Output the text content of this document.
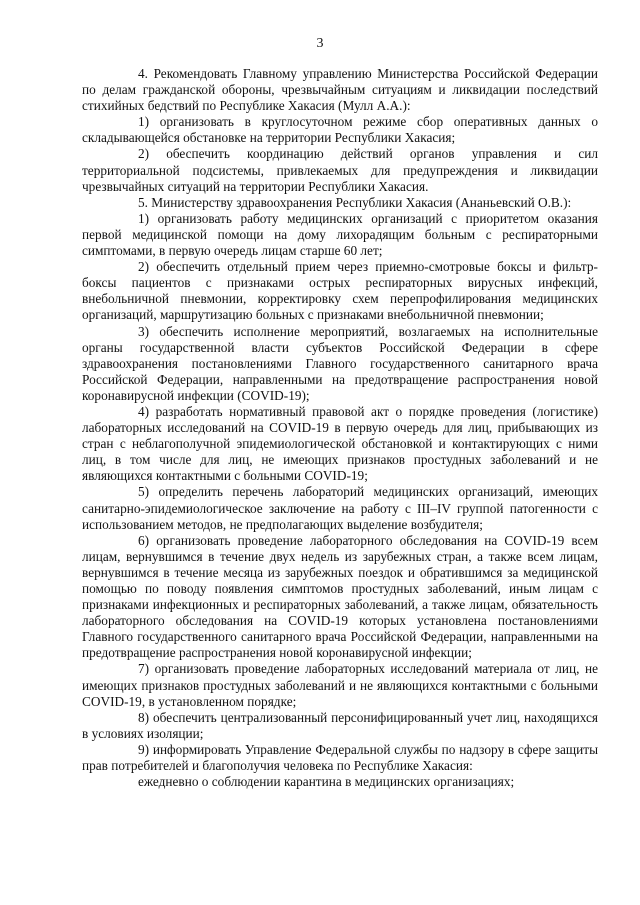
3

4. Рекомендовать Главному управлению Министерства Российской Федерации по делам гражданской обороны, чрезвычайным ситуациям и ликвидации последствий стихийных бедствий по Республике Хакасия (Мулл А.А.):

1) организовать в круглосуточном режиме сбор оперативных данных о складывающейся обстановке на территории Республики Хакасия;

2) обеспечить координацию действий органов управления и сил территориальной подсистемы, привлекаемых для предупреждения и ликвидации чрезвычайных ситуаций на территории Республики Хакасия.

5. Министерству здравоохранения Республики Хакасия (Ананьевский О.В.):

1) организовать работу медицинских организаций с приоритетом оказания первой медицинской помощи на дому лихорадящим больным с респираторными симптомами, в первую очередь лицам старше 60 лет;

2) обеспечить отдельный прием через приемно-смотровые боксы и фильтр-боксы пациентов с признаками острых респираторных вирусных инфекций, внебольничной пневмонии, корректировку схем перепрофилирования медицинских организаций, маршрутизацию больных с признаками внебольничной пневмонии;

3) обеспечить исполнение мероприятий, возлагаемых на исполнительные органы государственной власти субъектов Российской Федерации в сфере здравоохранения постановлениями Главного государственного санитарного врача Российской Федерации, направленными на предотвращение распространения новой коронавирусной инфекции (COVID-19);

4) разработать нормативный правовой акт о порядке проведения (логистике) лабораторных исследований на COVID-19 в первую очередь для лиц, прибывающих из стран с неблагополучной эпидемиологической обстановкой и контактирующих с ними лиц, в том числе для лиц, не имеющих признаков простудных заболеваний и не являющихся контактными с больными COVID-19;

5) определить перечень лабораторий медицинских организаций, имеющих санитарно-эпидемиологическое заключение на работу с III–IV группой патогенности с использованием методов, не предполагающих выделение возбудителя;

6) организовать проведение лабораторного обследования на COVID-19 всем лицам, вернувшимся в течение двух недель из зарубежных стран, а также всем лицам, вернувшимся в течение месяца из зарубежных поездок и обратившимся за медицинской помощью по поводу появления симптомов простудных заболеваний, иным лицам с признаками инфекционных и респираторных заболеваний, а также лицам, обязательность лабораторного обследования на COVID-19 которых установлена постановлениями Главного государственного санитарного врача Российской Федерации, направленными на предотвращение распространения новой коронавирусной инфекции;

7) организовать проведение лабораторных исследований материала от лиц, не имеющих признаков простудных заболеваний и не являющихся контактными с больными COVID-19, в установленном порядке;

8) обеспечить централизованный персонифицированный учет лиц, находящихся в условиях изоляции;

9) информировать Управление Федеральной службы по надзору в сфере защиты прав потребителей и благополучия человека по Республике Хакасия:

ежедневно о соблюдении карантина в медицинских организациях;
